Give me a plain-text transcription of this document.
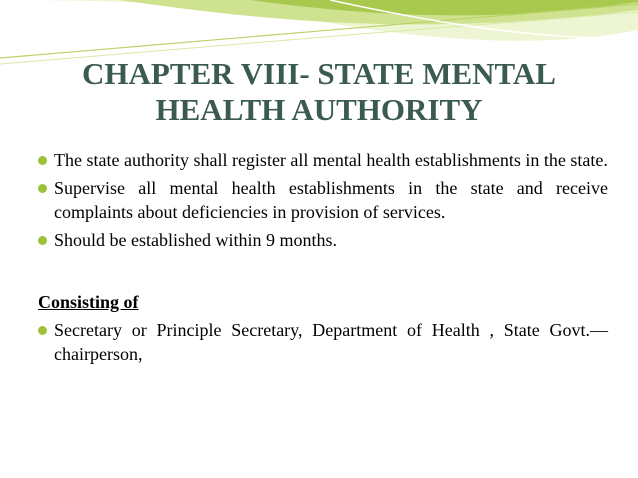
CHAPTER VIII- STATE MENTAL
HEALTH AUTHORITY
The state authority shall register all mental health establishments in the state.
Supervise all mental health establishments in the state and receive complaints about deficiencies in provision of services.
Should be established within 9 months.
Consisting of
Secretary or Principle Secretary, Department of Health , State Govt.—chairperson,
